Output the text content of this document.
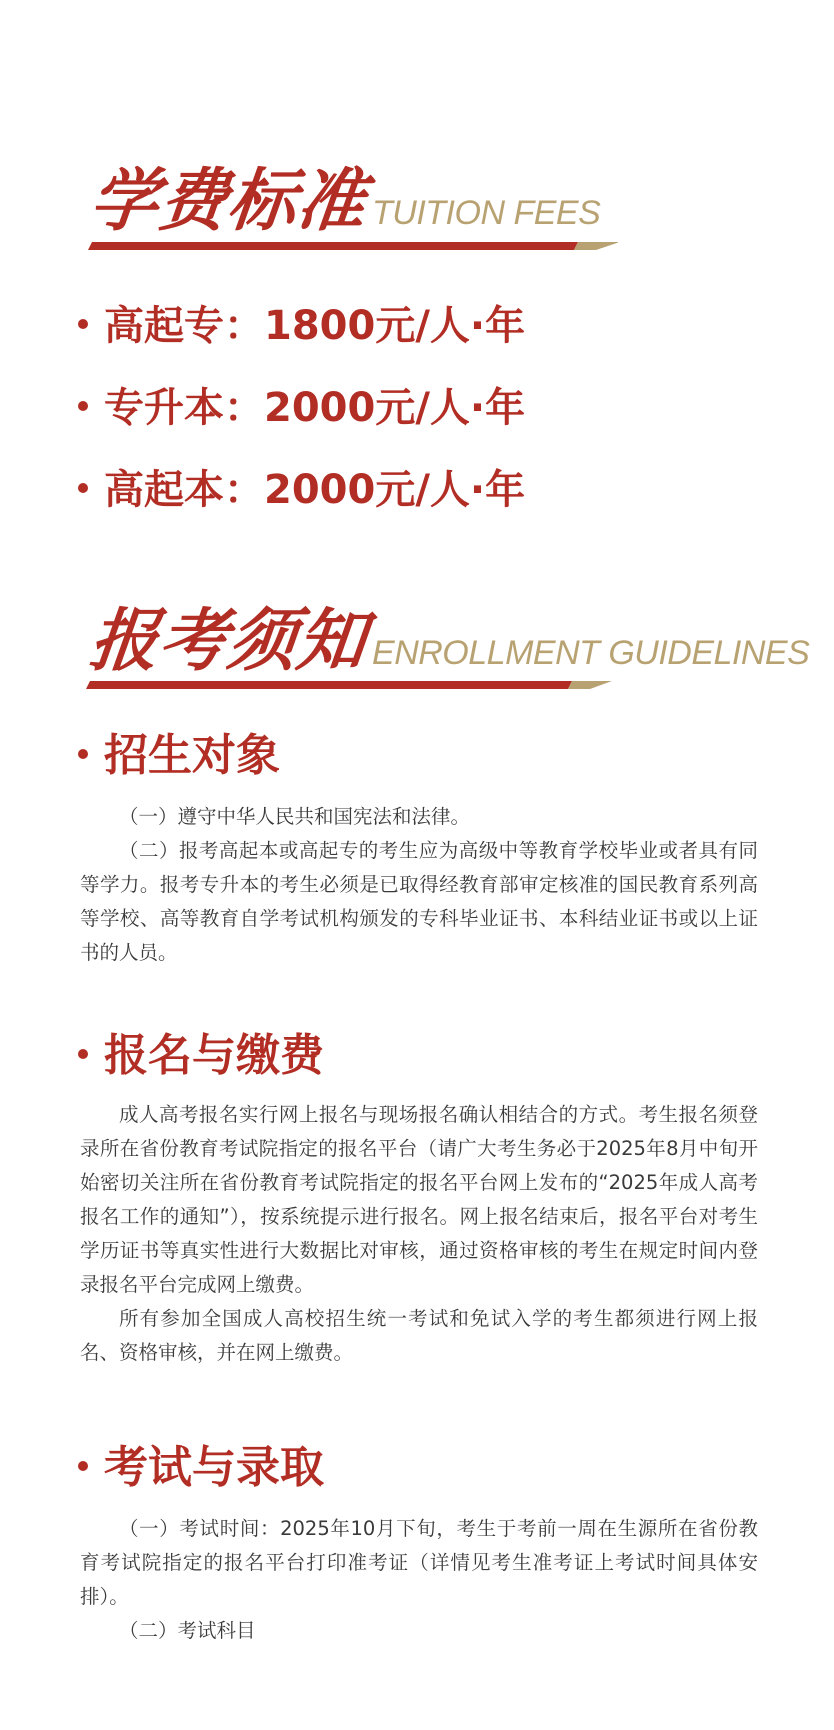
学费标准TUITION FEES
高起专：1800元/人·年
专升本：2000元/人·年
高起本：2000元/人·年
报考须知ENROLLMENT GUIDELINES
招生对象

（一）遵守中华人民共和国宪法和法律。

（二）报考高起本或高起专的考生应为高级中等教育学校毕业或者具有同等学力。报考专升本的考生必须是已取得经教育部审定核准的国民教育系列高等学校、高等教育自学考试机构颁发的专科毕业证书、本科结业证书或以上证书的人员。

报名与缴费

成人高考报名实行网上报名与现场报名确认相结合的方式。考生报名须登录所在省份教育考试院指定的报名平台（请广大考生务必于2025年8月中旬开始密切关注所在省份教育考试院指定的报名平台网上发布的“2025年成人高考报名工作的通知”），按系统提示进行报名。网上报名结束后，报名平台对考生学历证书等真实性进行大数据比对审核，通过资格审核的考生在规定时间内登录报名平台完成网上缴费。

所有参加全国成人高校招生统一考试和免试入学的考生都须进行网上报名、资格审核，并在网上缴费。

考试与录取

（一）考试时间：2025年10月下旬，考生于考前一周在生源所在省份教育考试院指定的报名平台打印准考证（详情见考生准考证上考试时间具体安排）。

（二）考试科目
